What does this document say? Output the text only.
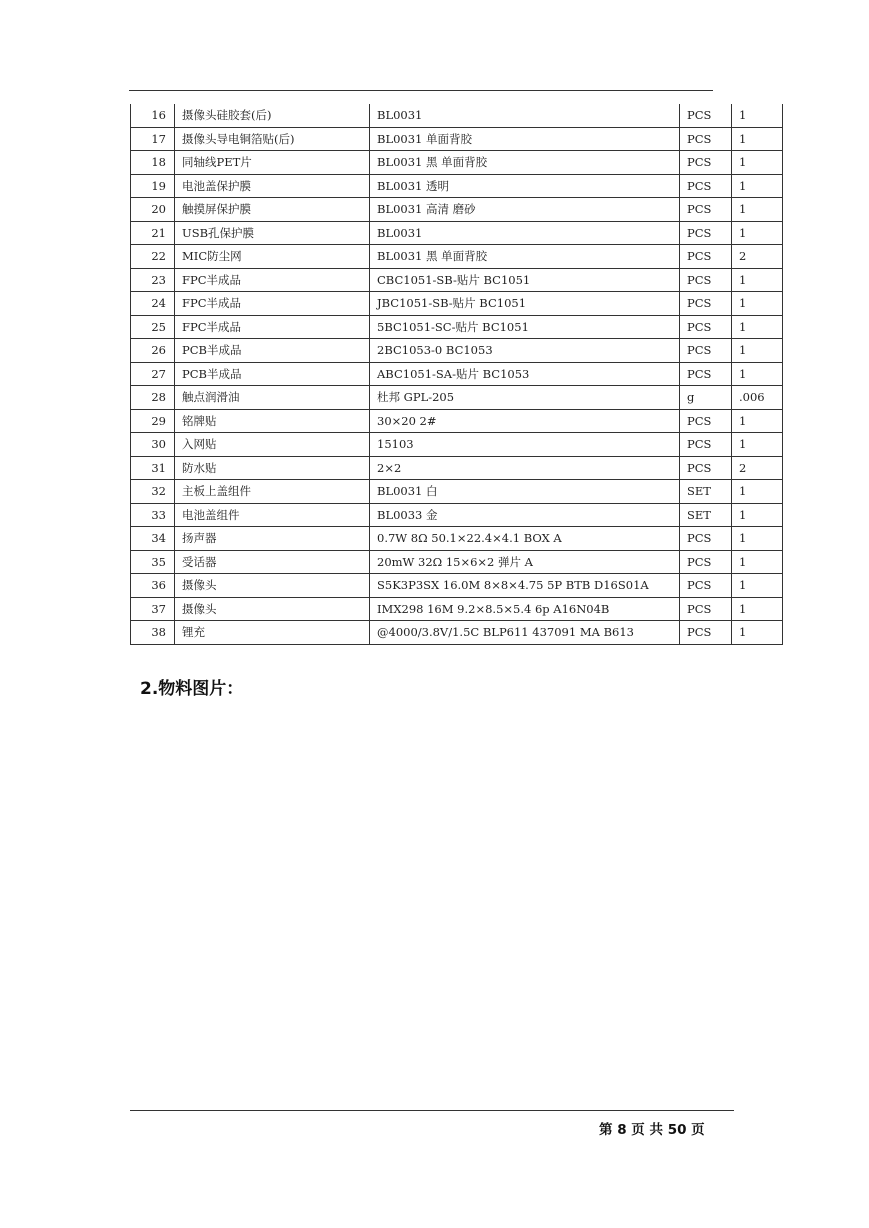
16	摄像头硅胶套(后)	BL0031	PCS	1
17	摄像头导电铜箔贴(后)	BL0031 单面背胶	PCS	1
18	同轴线PET片	BL0031 黑 单面背胶	PCS	1
19	电池盖保护膜	BL0031 透明	PCS	1
20	触摸屏保护膜	BL0031 高清 磨砂	PCS	1
21	USB孔保护膜	BL0031	PCS	1
22	MIC防尘网	BL0031 黑 单面背胶	PCS	2
23	FPC半成品	CBC1051-SB-贴片 BC1051	PCS	1
24	FPC半成品	JBC1051-SB-贴片 BC1051	PCS	1
25	FPC半成品	5BC1051-SC-贴片 BC1051	PCS	1
26	PCB半成品	2BC1053-0 BC1053	PCS	1
27	PCB半成品	ABC1051-SA-贴片 BC1053	PCS	1
28	触点润滑油	杜邦 GPL-205	g	.006
29	铭牌贴	30×20 2#	PCS	1
30	入网贴	15103	PCS	1
31	防水贴	2×2	PCS	2
32	主板上盖组件	BL0031 白	SET	1
33	电池盖组件	BL0033 金	SET	1
34	扬声器	0.7W 8Ω 50.1×22.4×4.1 BOX A	PCS	1
35	受话器	20mW 32Ω 15×6×2 弹片 A	PCS	1
36	摄像头	S5K3P3SX 16.0M 8×8×4.75 5P BTB D16S01A	PCS	1
37	摄像头	IMX298 16M 9.2×8.5×5.4 6p A16N04B	PCS	1
38	锂充	@4000/3.8V/1.5C BLP611 437091 MA B613	PCS	1
2.物料图片：
第 8 页 共 50 页
